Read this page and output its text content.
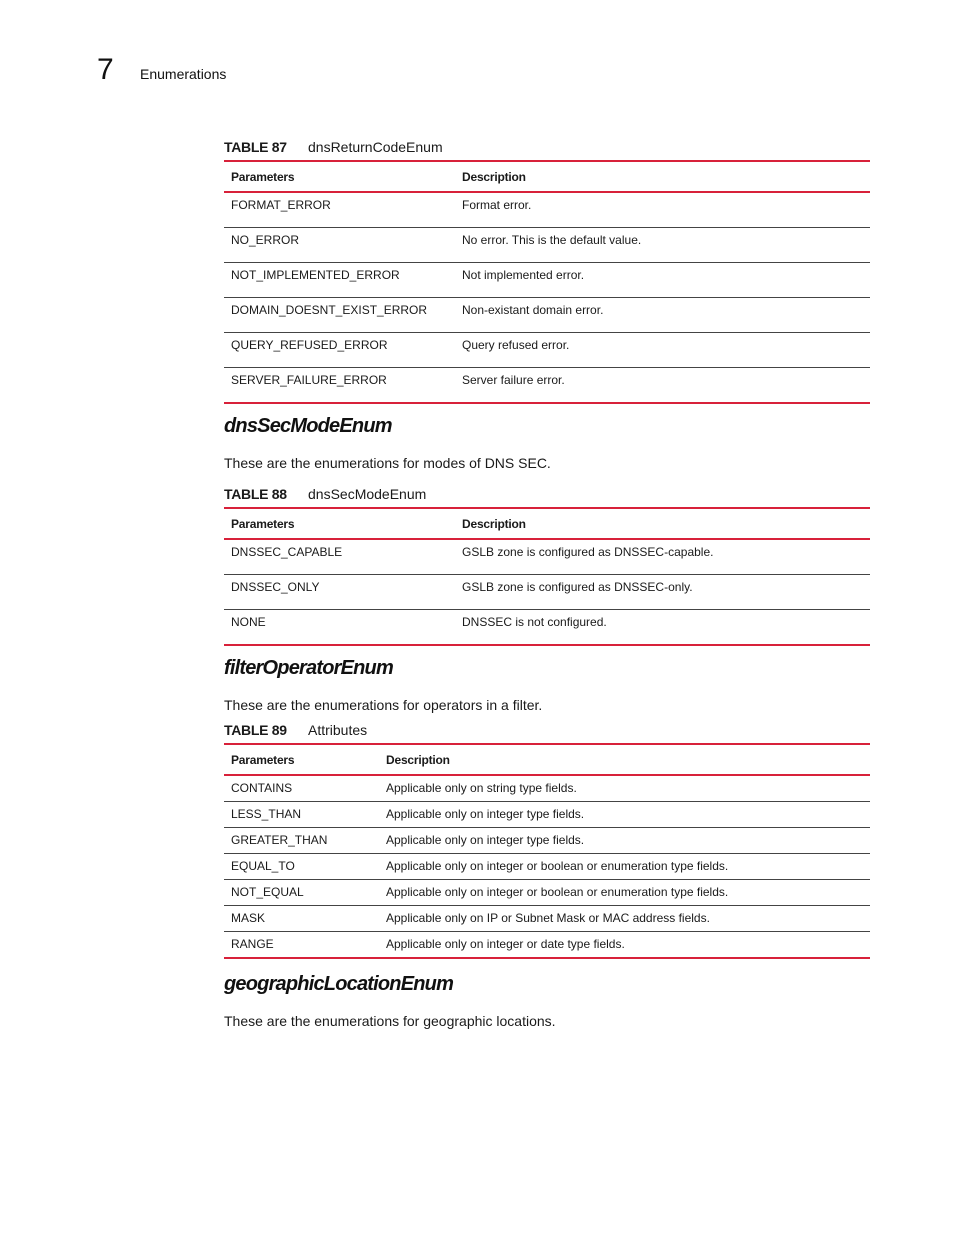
7 Enumerations
TABLE 87 dnsReturnCodeEnum
Parameters	Description
FORMAT_ERROR	Format error.
NO_ERROR	No error. This is the default value.
NOT_IMPLEMENTED_ERROR	Not implemented error.
DOMAIN_DOESNT_EXIST_ERROR	Non-existant domain error.
QUERY_REFUSED_ERROR	Query refused error.
SERVER_FAILURE_ERROR	Server failure error.
dnsSecModeEnum
These are the enumerations for modes of DNS SEC.
TABLE 88 dnsSecModeEnum
Parameters	Description
DNSSEC_CAPABLE	GSLB zone is configured as DNSSEC-capable.
DNSSEC_ONLY	GSLB zone is configured as DNSSEC-only.
NONE	DNSSEC is not configured.
filterOperatorEnum
These are the enumerations for operators in a filter.
TABLE 89 Attributes
Parameters	Description
CONTAINS	Applicable only on string type fields.
LESS_THAN	Applicable only on integer type fields.
GREATER_THAN	Applicable only on integer type fields.
EQUAL_TO	Applicable only on integer or boolean or enumeration type fields.
NOT_EQUAL	Applicable only on integer or boolean or enumeration type fields.
MASK	Applicable only on IP or Subnet Mask or MAC address fields.
RANGE	Applicable only on integer or date type fields.
geographicLocationEnum
These are the enumerations for geographic locations.
